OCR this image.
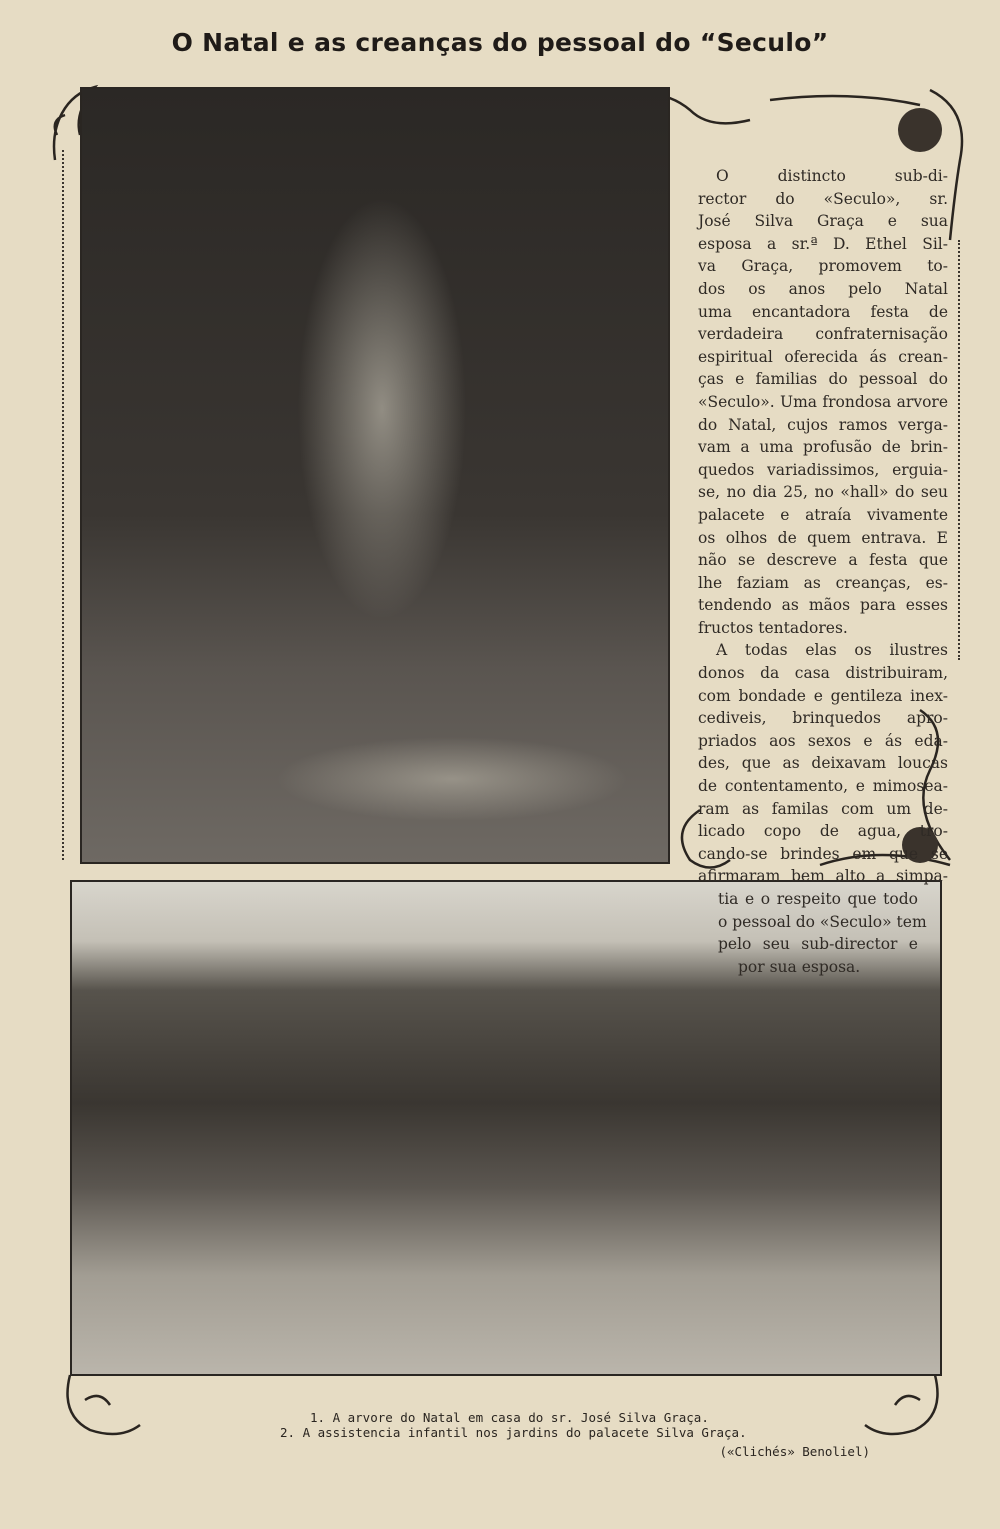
O Natal e as creanças do pessoal do “Seculo”
O distincto sub-di-
rector do «Seculo», sr.
José Silva Graça e sua
esposa a sr.ª D. Ethel Sil-
va Graça, promovem to-
dos os anos pelo Natal
uma encantadora festa de
verdadeira confraternisação
espiritual oferecida ás crean-
ças e familias do pessoal do
«Seculo». Uma frondosa arvore
do Natal, cujos ramos verga-
vam a uma profusão de brin-
quedos variadissimos, erguia-
se, no dia 25, no «hall» do seu
palacete e atraía vivamente
os olhos de quem entrava. E
não se descreve a festa que
lhe faziam as creanças, es-
tendendo as mãos para esses
fructos tentadores.
A todas elas os ilustres
donos da casa distribuiram,
com bondade e gentileza inex-
cediveis, brinquedos apro-
priados aos sexos e ás eda-
des, que as deixavam loucas
de contentamento, e mimosea-
ram as familas com um de-
licado copo de agua, tro-
cando-se brindes em que se
afirmaram bem alto a simpa-
tia e o respeito que todo
o pessoal do «Seculo» tem
pelo seu sub-director e
por sua esposa.
1. A arvore do Natal em casa do sr. José Silva Graça.
2. A assistencia infantil nos jardins do palacete Silva Graça.
(«Clichés» Benoliel)
